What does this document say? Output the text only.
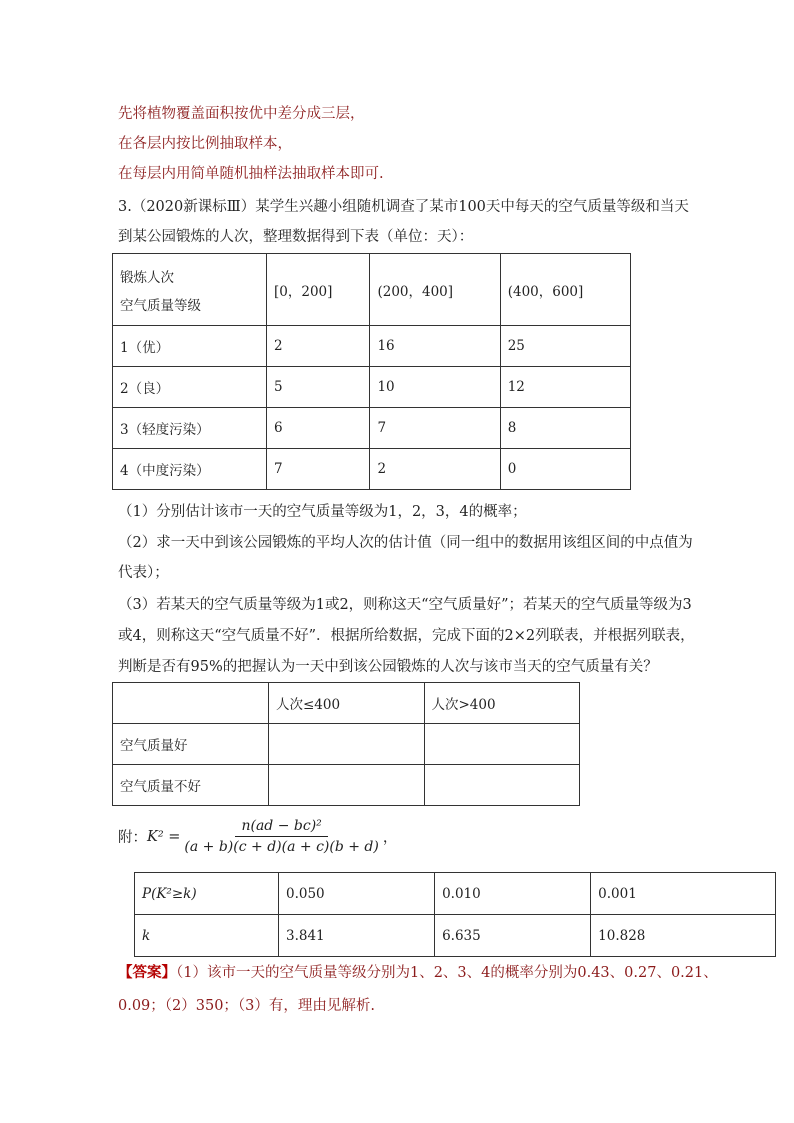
先将植物覆盖面积按优中差分成三层，
在各层内按比例抽取样本，
在每层内用简单随机抽样法抽取样本即可.
3.（2020新课标Ⅲ）某学生兴趣小组随机调查了某市100天中每天的空气质量等级和当天
到某公园锻炼的人次，整理数据得到下表（单位：天）：
锻炼人次
空气质量等级	[0，200]	(200，400]	(400，600]
1（优）	2	16	25
2（良）	5	10	12
3（轻度污染）	6	7	8
4（中度污染）	7	2	0
（1）分别估计该市一天的空气质量等级为1，2，3，4的概率；
（2）求一天中到该公园锻炼的平均人次的估计值（同一组中的数据用该组区间的中点值为
代表）；
（3）若某天的空气质量等级为1或2，则称这天“空气质量好”；若某天的空气质量等级为3
或4，则称这天“空气质量不好”．根据所给数据，完成下面的2×2列联表，并根据列联表，
判断是否有95%的把握认为一天中到该公园锻炼的人次与该市当天的空气质量有关？
	人次≤400	人次>400
空气质量好		
空气质量不好		
附： $K^2 = \frac{\text{n(ad − bc)²}}{(a + b)(c + d)(a + c)(b + d)}$ ，
P(K²≥k)	0.050	0.010	0.001
k	3.841	6.635	10.828
【答案】（1）该市一天的空气质量等级分别为1、2、3、4的概率分别为0.43、0.27、0.21、
0.09；（2）350；（3）有，理由见解析.
